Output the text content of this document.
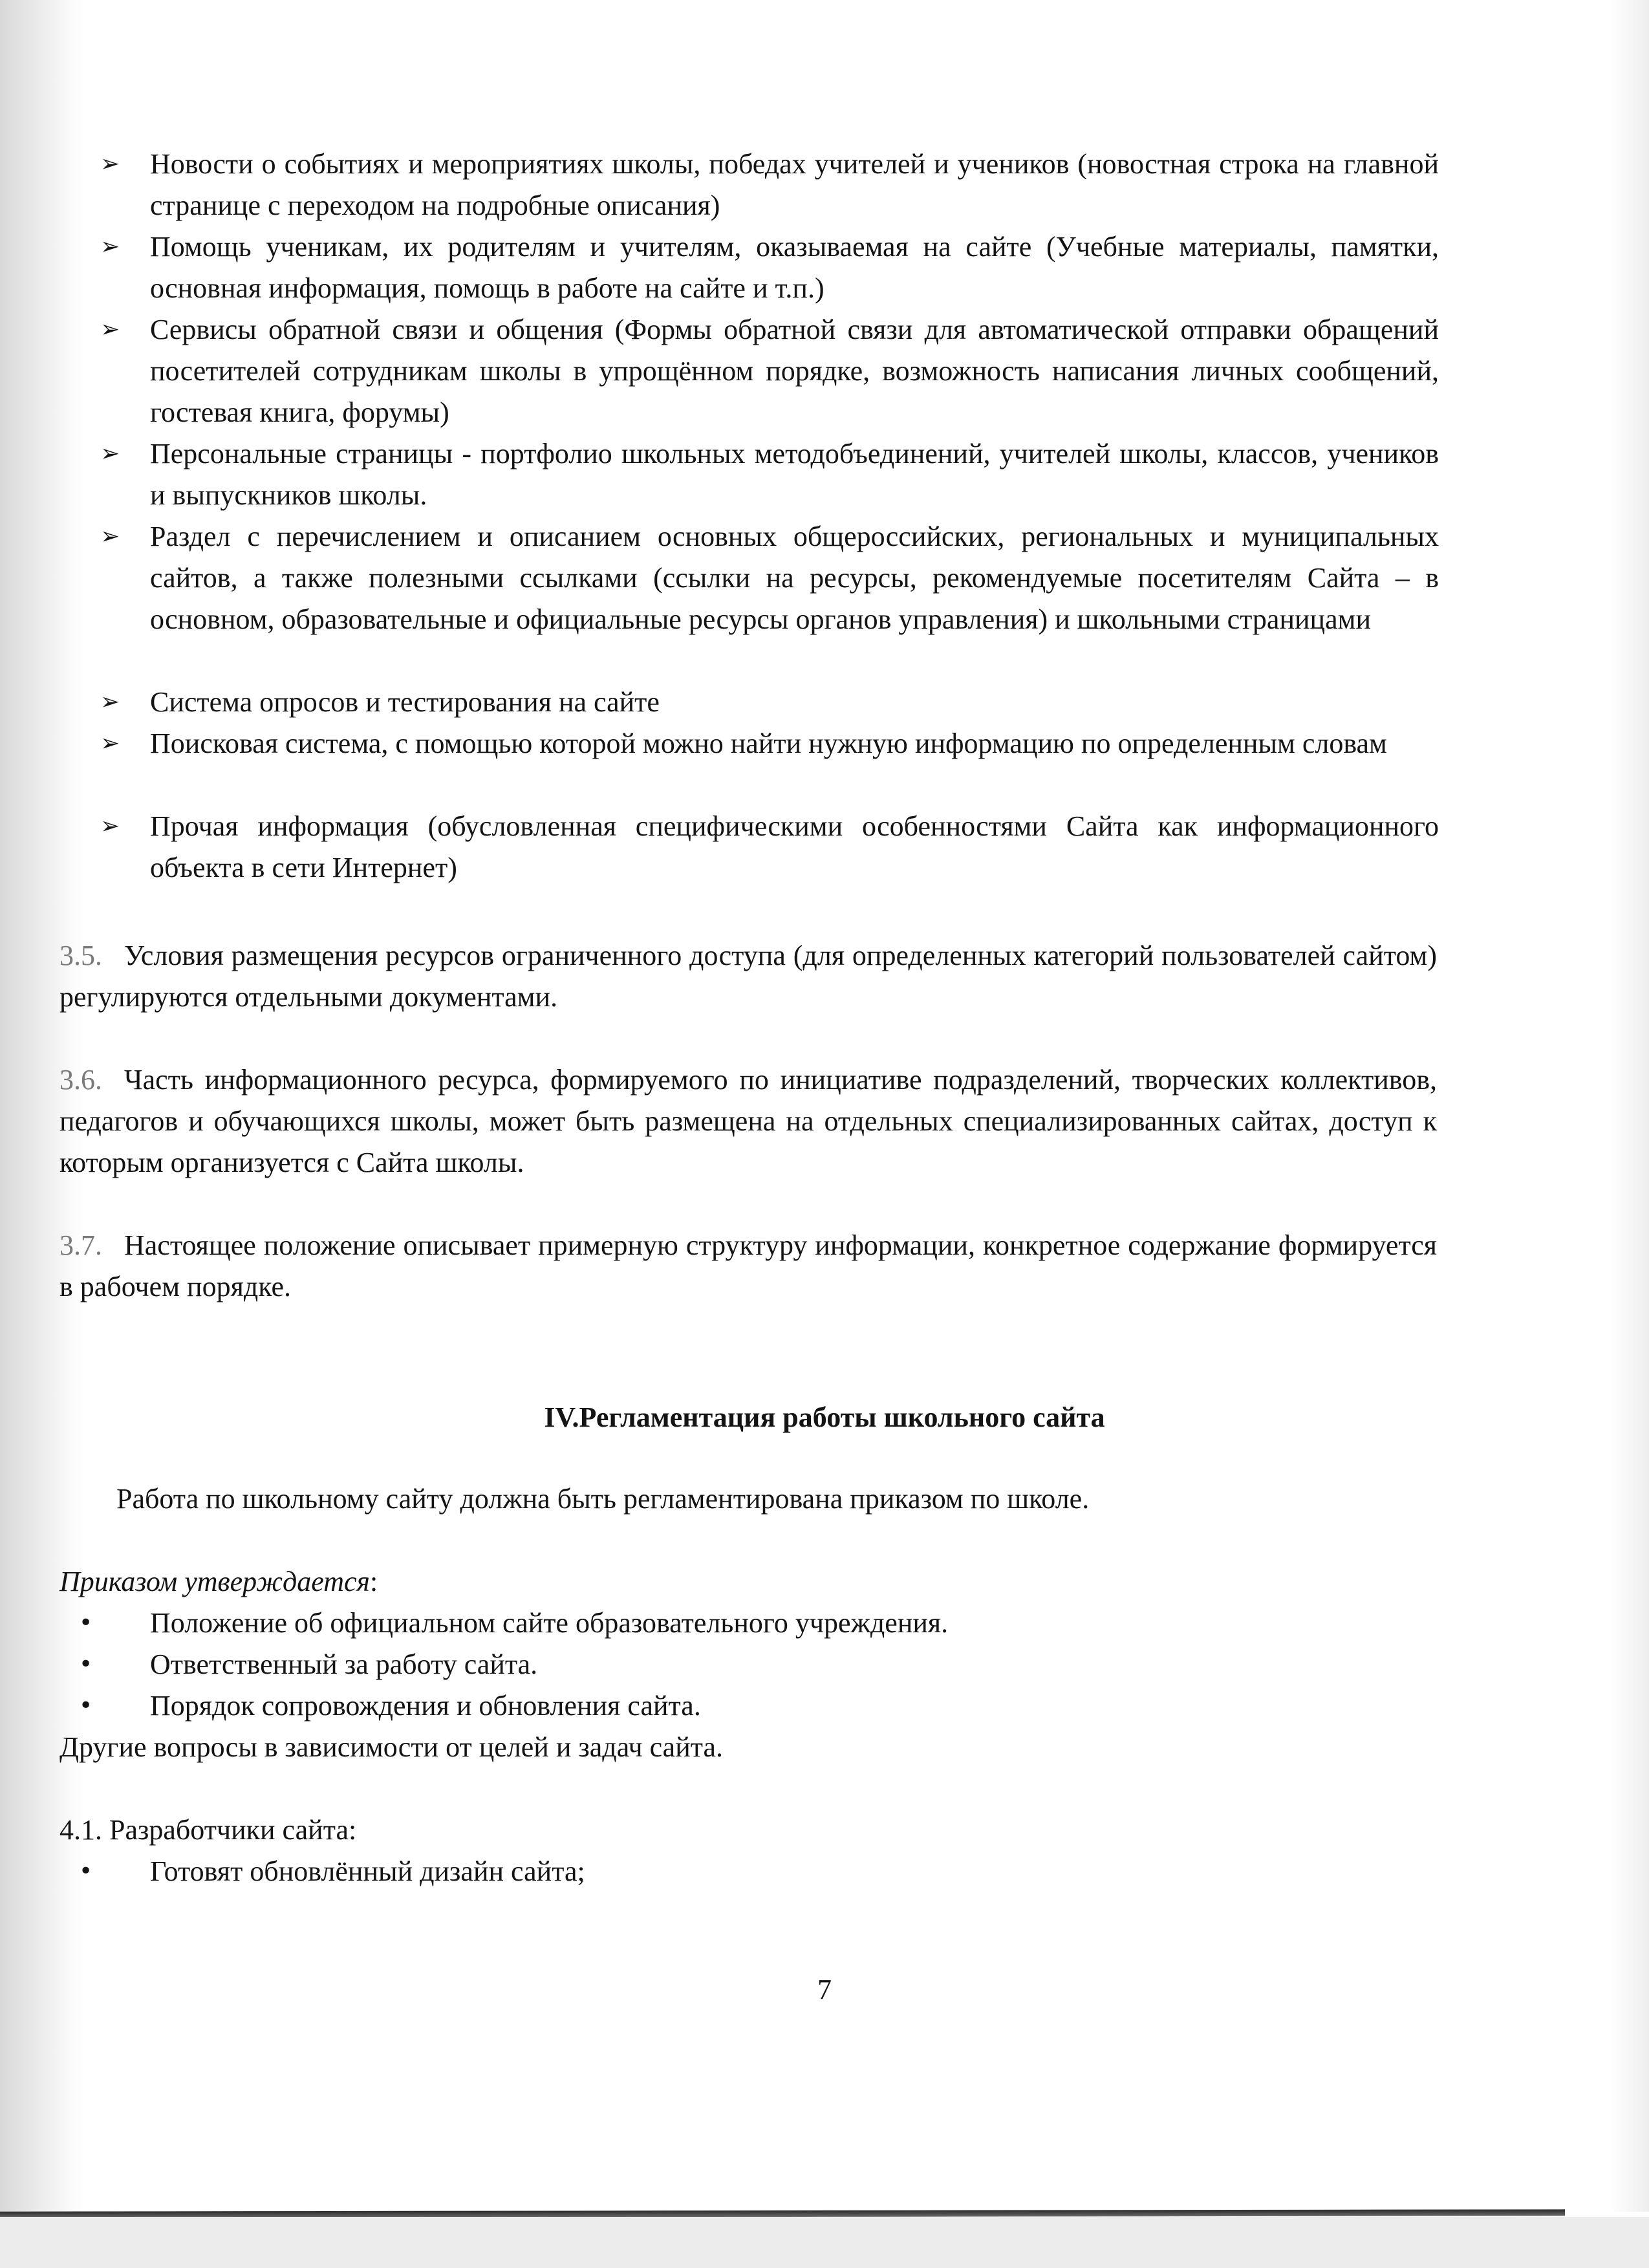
➢ Новости о событиях и мероприятиях школы, победах учителей и учеников (новостная строка на главной странице с переходом на подробные описания)
➢ Помощь ученикам, их родителям и учителям, оказываемая на сайте (Учебные материалы, памятки, основная информация, помощь в работе на сайте и т.п.)
➢ Сервисы обратной связи и общения (Формы обратной связи для автоматической отправки обращений посетителей сотрудникам школы в упрощённом порядке, возможность написания личных сообщений, гостевая книга, форумы)
➢ Персональные страницы - портфолио школьных методобъединений, учителей школы, классов, учеников и выпускников школы.
➢ Раздел с перечислением и описанием основных общероссийских, региональных и муниципальных сайтов, а также полезными ссылками (ссылки на ресурсы, рекомендуемые посетителям Сайта – в основном, образовательные и официальные ресурсы органов управления) и школьными страницами
➢ Система опросов и тестирования на сайте
➢ Поисковая система, с помощью которой можно найти нужную информацию по определенным словам
➢ Прочая информация (обусловленная специфическими особенностями Сайта как информационного объекта в сети Интернет)
3.5. Условия размещения ресурсов ограниченного доступа (для определенных категорий пользователей сайтом) регулируются отдельными документами.
3.6. Часть информационного ресурса, формируемого по инициативе подразделений, творческих коллективов, педагогов и обучающихся школы, может быть размещена на отдельных специализированных сайтах, доступ к которым организуется с Сайта школы.
3.7. Настоящее положение описывает примерную структуру информации, конкретное содержание формируется в рабочем порядке.
IV.Регламентация работы школьного сайта
Работа по школьному сайту должна быть регламентирована приказом по школе.
Приказом утверждается:
• Положение об официальном сайте образовательного учреждения.
• Ответственный за работу сайта.
• Порядок сопровождения и обновления сайта.
Другие вопросы в зависимости от целей и задач сайта.
4.1. Разработчики сайта:
• Готовят обновлённый дизайн сайта;
7
